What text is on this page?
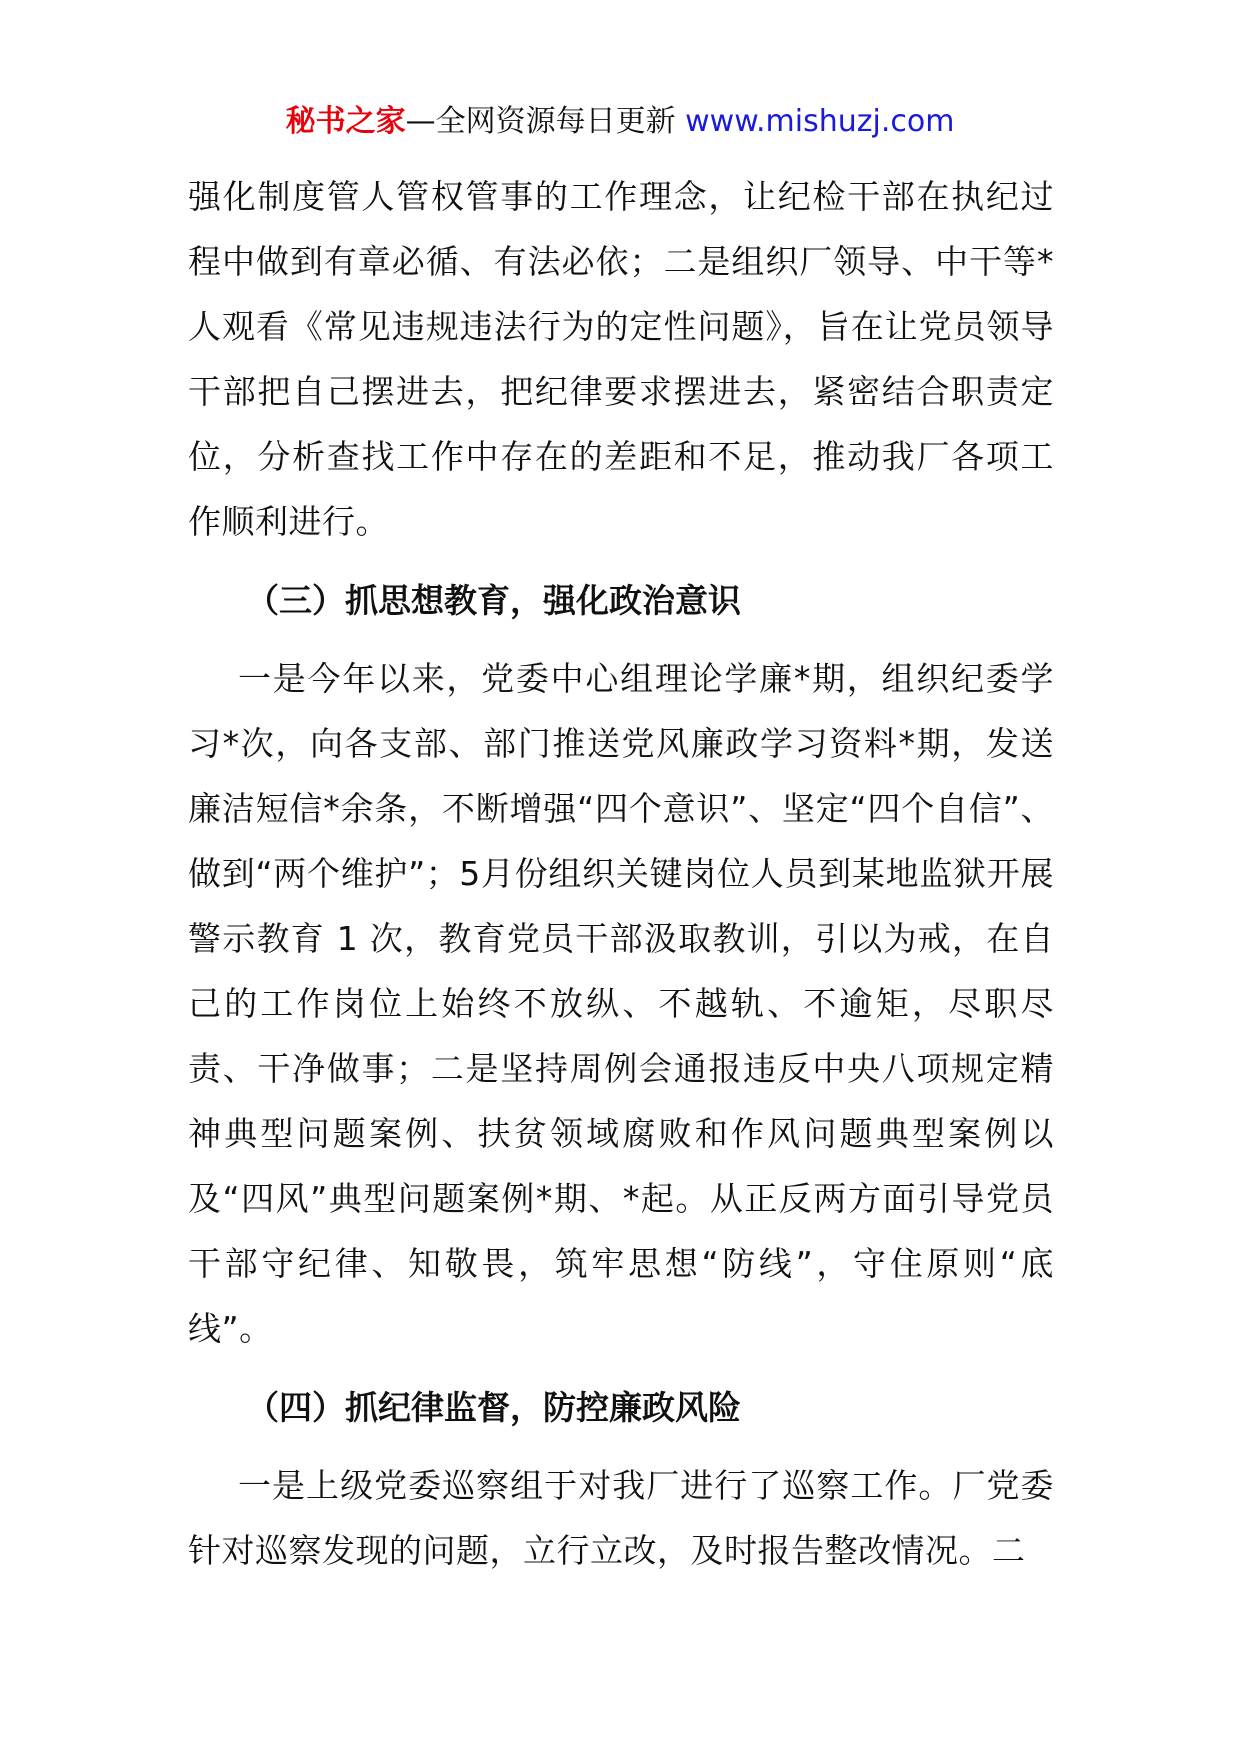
秘书之家—全网资源每日更新 www.mishuzj.com

强化制度管人管权管事的工作理念，让纪检干部在执纪过程中做到有章必循、有法必依；二是组织厂领导、中干等*人观看《常见违规违法行为的定性问题》，旨在让党员领导干部把自己摆进去，把纪律要求摆进去，紧密结合职责定位，分析查找工作中存在的差距和不足，推动我厂各项工作顺利进行。

（三）抓思想教育，强化政治意识

一是今年以来，党委中心组理论学廉*期，组织纪委学习*次，向各支部、部门推送党风廉政学习资料*期，发送廉洁短信*余条，不断增强“四个意识”、坚定“四个自信”、做到“两个维护”；5月份组织关键岗位人员到某地监狱开展警示教育 1 次，教育党员干部汲取教训，引以为戒，在自己的工作岗位上始终不放纵、不越轨、不逾矩，尽职尽责、干净做事；二是坚持周例会通报违反中央八项规定精神典型问题案例、扶贫领域腐败和作风问题典型案例以及“四风”典型问题案例*期、*起。从正反两方面引导党员干部守纪律、知敬畏，筑牢思想“防线”，守住原则“底线”。

（四）抓纪律监督，防控廉政风险

一是上级党委巡察组于对我厂进行了巡察工作。厂党委针对巡察发现的问题，立行立改，及时报告整改情况。二
